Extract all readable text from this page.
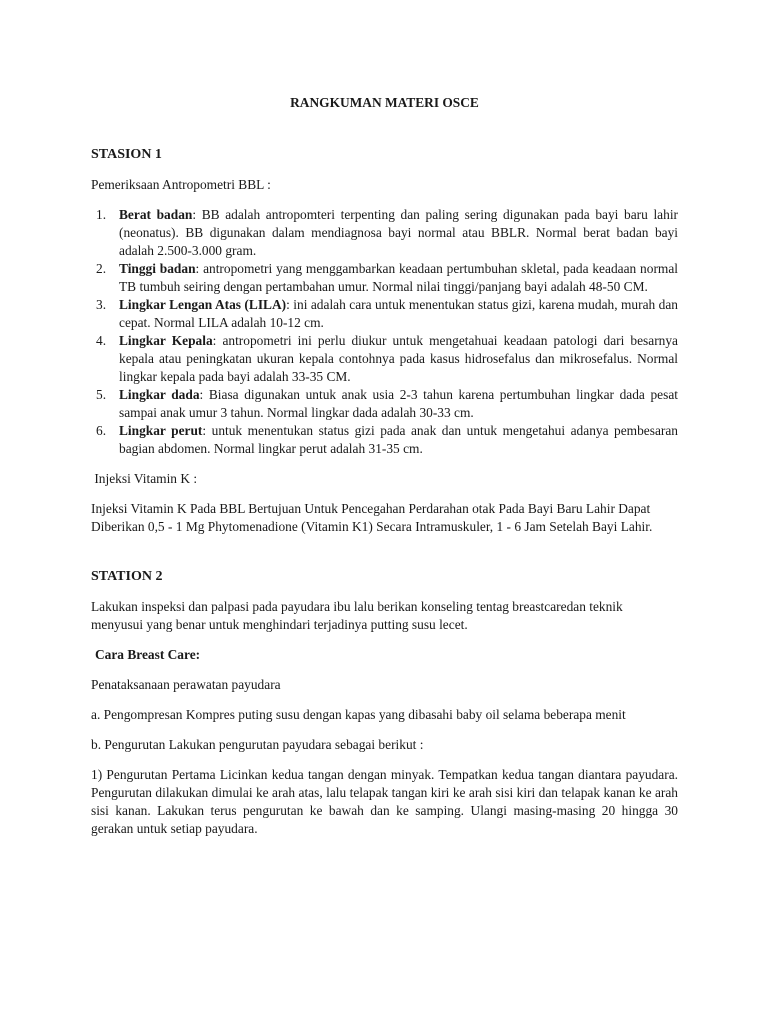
RANGKUMAN MATERI OSCE
STASION 1

Pemeriksaan Antropometri BBL :

1. Berat badan: BB adalah antropomteri terpenting dan paling sering digunakan pada bayi baru lahir (neonatus). BB digunakan dalam mendiagnosa bayi normal atau BBLR. Normal berat badan bayi adalah 2.500-3.000 gram.
2. Tinggi badan: antropometri yang menggambarkan keadaan pertumbuhan skletal, pada keadaan normal TB tumbuh seiring dengan pertambahan umur. Normal nilai tinggi/panjang bayi adalah 48-50 CM.
3. Lingkar Lengan Atas (LILA): ini adalah cara untuk menentukan status gizi, karena mudah, murah dan cepat. Normal LILA adalah 10-12 cm.
4. Lingkar Kepala: antropometri ini perlu diukur untuk mengetahuai keadaan patologi dari besarnya kepala atau peningkatan ukuran kepala contohnya pada kasus hidrosefalus dan mikrosefalus. Normal lingkar kepala pada bayi adalah 33-35 CM.
5. Lingkar dada: Biasa digunakan untuk anak usia 2-3 tahun karena pertumbuhan lingkar dada pesat sampai anak umur 3 tahun. Normal lingkar dada adalah 30-33 cm.
6. Lingkar perut: untuk menentukan status gizi pada anak dan untuk mengetahui adanya pembesaran bagian abdomen. Normal lingkar perut adalah 31-35 cm.

Injeksi Vitamin K :

Injeksi Vitamin K Pada BBL Bertujuan Untuk Pencegahan Perdarahan otak Pada Bayi Baru Lahir Dapat Diberikan 0,5 - 1 Mg Phytomenadione (Vitamin K1) Secara Intramuskuler, 1 - 6 Jam Setelah Bayi Lahir.

STATION 2

Lakukan inspeksi dan palpasi pada payudara ibu lalu berikan konseling tentag breastcaredan teknik menyusui yang benar untuk menghindari terjadinya putting susu lecet.

Cara Breast Care:

Penataksanaan perawatan payudara

a. Pengompresan Kompres puting susu dengan kapas yang dibasahi baby oil selama beberapa menit

b. Pengurutan Lakukan pengurutan payudara sebagai berikut :

1) Pengurutan Pertama Licinkan kedua tangan dengan minyak. Tempatkan kedua tangan diantara payudara. Pengurutan dilakukan dimulai ke arah atas, lalu telapak tangan kiri ke arah sisi kiri dan telapak kanan ke arah sisi kanan. Lakukan terus pengurutan ke bawah dan ke samping. Ulangi masing-masing 20 hingga 30 gerakan untuk setiap payudara.
